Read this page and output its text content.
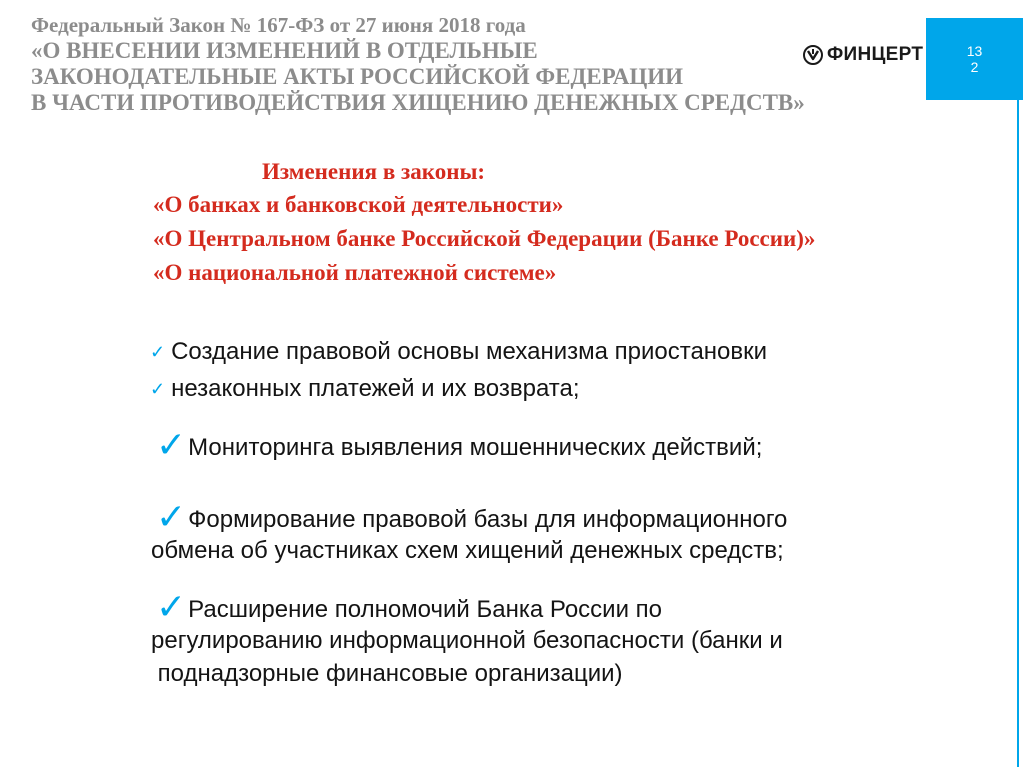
Федеральный Закон № 167-ФЗ от 27 июня 2018 года
«О ВНЕСЕНИИ ИЗМЕНЕНИЙ В ОТДЕЛЬНЫЕ
ЗАКОНОДАТЕЛЬНЫЕ АКТЫ РОССИЙСКОЙ ФЕДЕРАЦИИ
В ЧАСТИ ПРОТИВОДЕЙСТВИЯ ХИЩЕНИЮ ДЕНЕЖНЫХ СРЕДСТВ»
ФИНЦЕРТ	13
2
Изменения в законы:
«О банках и банковской деятельности»
«О Центральном банке Российской Федерации (Банке России)»
«О национальной платежной системе»
✓ Создание правовой основы механизма приостановки
✓ незаконных платежей и их возврата;
✓Мониторинга выявления мошеннических действий;
✓Формирование правовой базы для информационного
обмена об участниках схем хищений денежных средств;
✓Расширение полномочий Банка России по
регулированию информационной безопасности (банки и
поднадзорные финансовые организации)
